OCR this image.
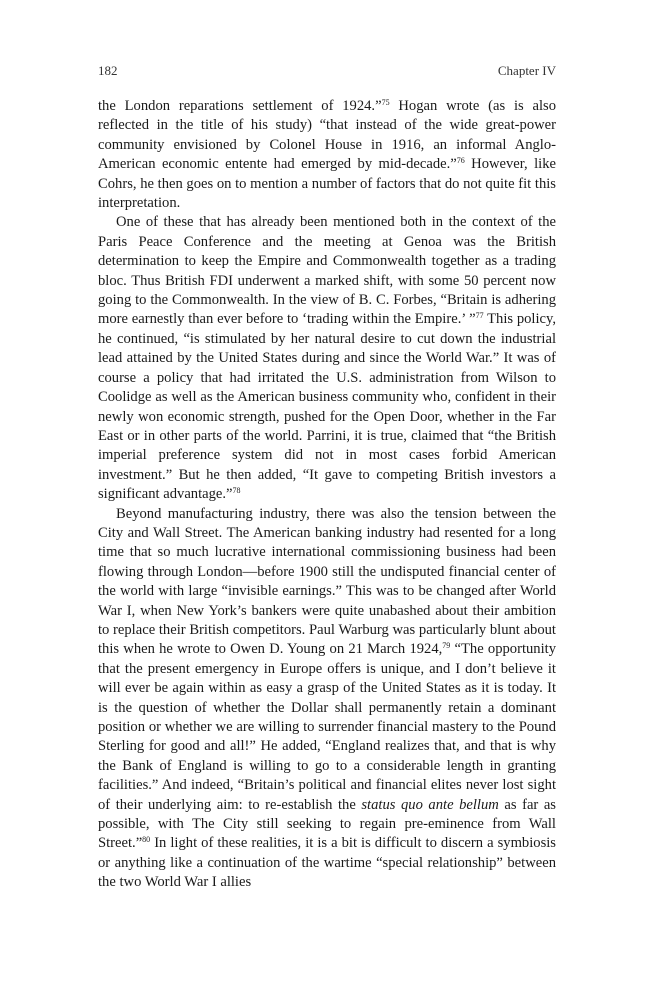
182	Chapter IV

the London reparations settlement of 1924.”$^{75}$ Hogan wrote (as is also reflected in the title of his study) “that instead of the wide great-power community envisioned by Colonel House in 1916, an informal Anglo-American economic entente had emerged by mid-decade.”$^{76}$ However, like Cohrs, he then goes on to mention a number of factors that do not quite fit this interpretation.

One of these that has already been mentioned both in the context of the Paris Peace Conference and the meeting at Genoa was the British determination to keep the Empire and Commonwealth together as a trading bloc. Thus British FDI underwent a marked shift, with some 50 percent now going to the Commonwealth. In the view of B. C. Forbes, “Britain is adhering more earnestly than ever before to ‘trading within the Empire.’ ”$^{77}$ This policy, he continued, “is stimulated by her natural desire to cut down the industrial lead attained by the United States during and since the World War.” It was of course a policy that had irritated the U.S. administration from Wilson to Coolidge as well as the American business community who, confident in their newly won economic strength, pushed for the Open Door, whether in the Far East or in other parts of the world. Parrini, it is true, claimed that “the British imperial preference system did not in most cases forbid American investment.” But he then added, “It gave to competing British investors a significant advantage.”$^{78}$

Beyond manufacturing industry, there was also the tension between the City and Wall Street. The American banking industry had resented for a long time that so much lucrative international commissioning business had been flowing through London—before 1900 still the undisputed financial center of the world with large “invisible earnings.” This was to be changed after World War I, when New York’s bankers were quite unabashed about their ambition to replace their British competitors. Paul Warburg was particularly blunt about this when he wrote to Owen D. Young on 21 March 1924,79 “The opportunity that the present emergency in Europe offers is unique, and I don’t believe it will ever be again within as easy a grasp of the United States as it is today. It is the question of whether the Dollar shall permanently retain a dominant position or whether we are willing to surrender financial mastery to the Pound Sterling for good and all!” He added, “England realizes that, and that is why the Bank of England is willing to go to a considerable length in granting facilities.” And indeed, “Britain’s political and financial elites never lost sight of their underlying aim: to re-establish the status quo ante bellum as far as possible, with The City still seeking to regain pre-eminence from Wall Street.”$^{80}$ In light of these realities, it is a bit is difficult to discern a symbiosis or anything like a continuation of the wartime “special relationship” between the two World War I allies
